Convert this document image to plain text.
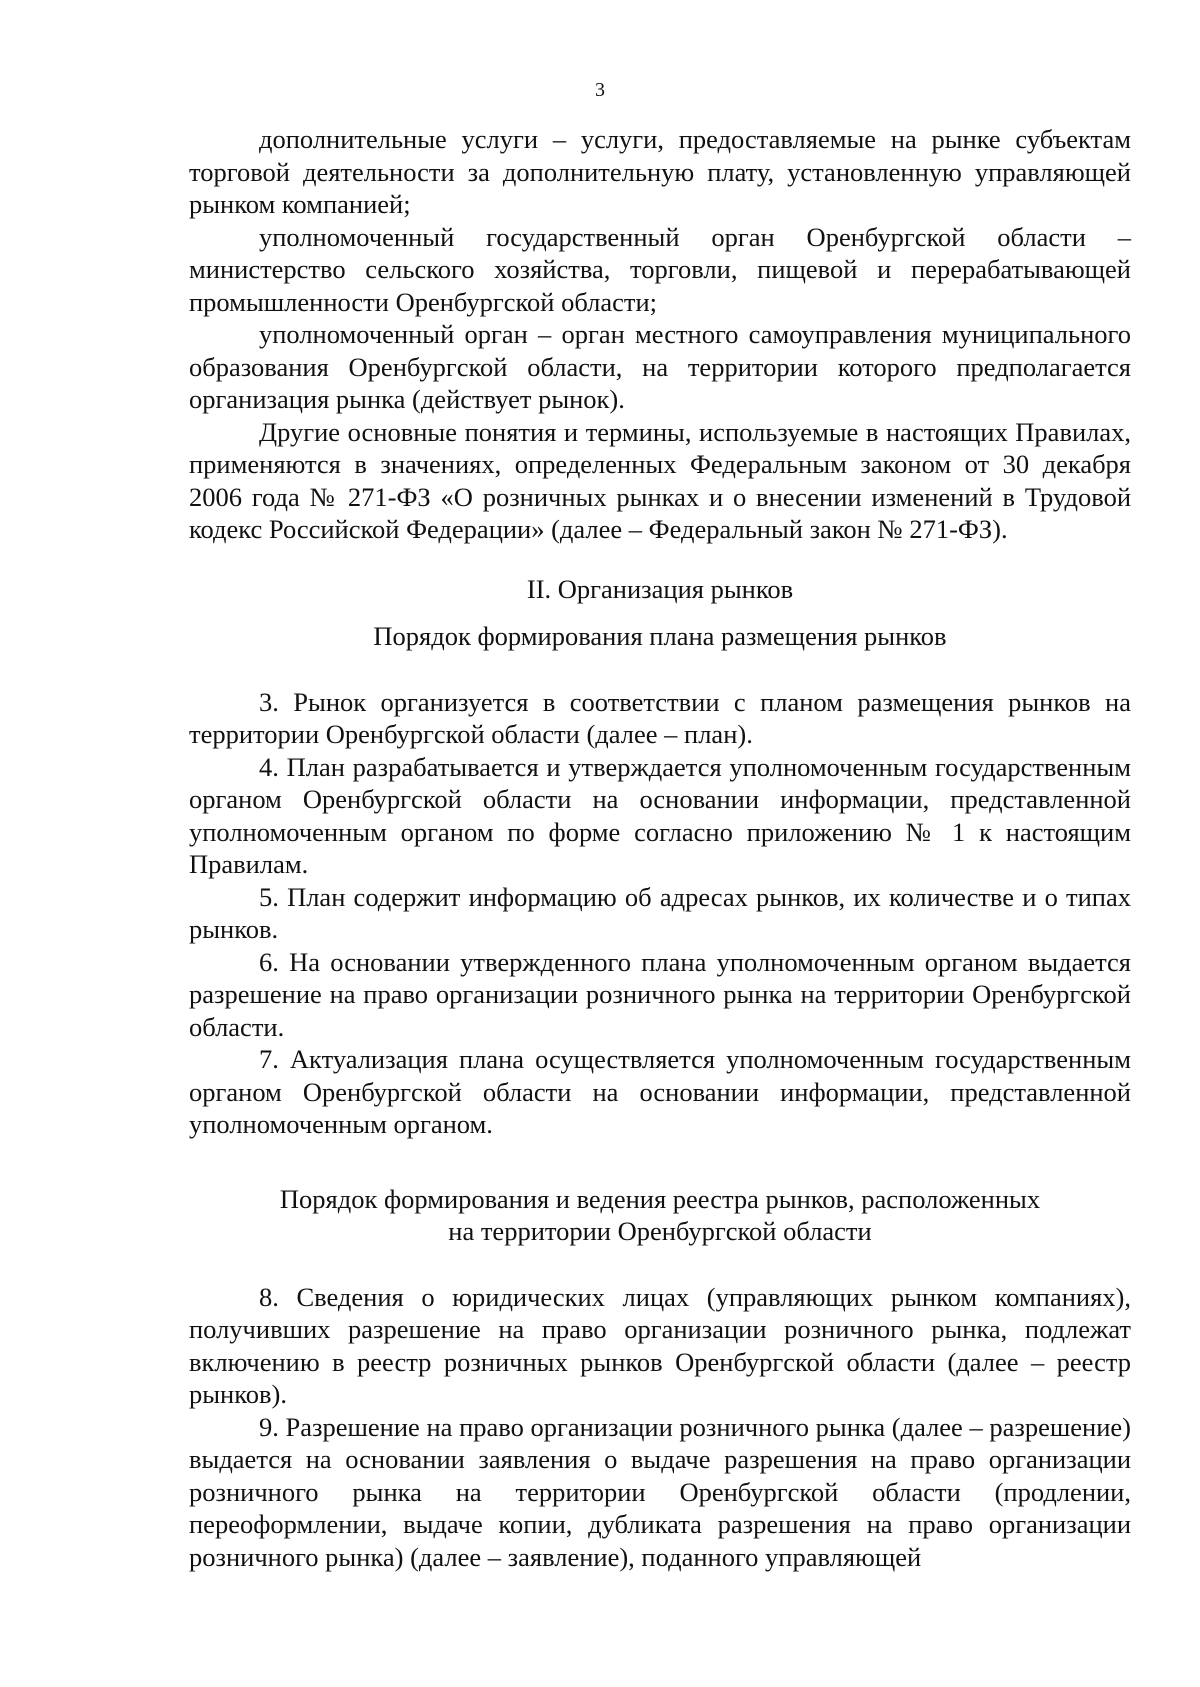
3

дополнительные услуги – услуги, предоставляемые на рынке субъектам торговой деятельности за дополнительную плату, установленную управляющей рынком компанией;

уполномоченный государственный орган Оренбургской области – министерство сельского хозяйства, торговли, пищевой и перерабатывающей промышленности Оренбургской области;

уполномоченный орган – орган местного самоуправления муниципального образования Оренбургской области, на территории которого предполагается организация рынка (действует рынок).

Другие основные понятия и термины, используемые в настоящих Правилах, применяются в значениях, определенных Федеральным законом от 30 декабря 2006 года № 271-ФЗ «О розничных рынках и о внесении изменений в Трудовой кодекс Российской Федерации» (далее – Федеральный закон № 271-ФЗ).

II. Организация рынков

Порядок формирования плана размещения рынков

3. Рынок организуется в соответствии с планом размещения рынков на территории Оренбургской области (далее – план).

4. План разрабатывается и утверждается уполномоченным государственным органом Оренбургской области на основании информации, представленной уполномоченным органом по форме согласно приложению № 1 к настоящим Правилам.

5. План содержит информацию об адресах рынков, их количестве и о типах рынков.

6. На основании утвержденного плана уполномоченным органом выдается разрешение на право организации розничного рынка на территории Оренбургской области.

7. Актуализация плана осуществляется уполномоченным государственным органом Оренбургской области на основании информации, представленной уполномоченным органом.

Порядок формирования и ведения реестра рынков, расположенных
на территории Оренбургской области

8. Сведения о юридических лицах (управляющих рынком компаниях), получивших разрешение на право организации розничного рынка, подлежат включению в реестр розничных рынков Оренбургской области (далее – реестр рынков).

9. Разрешение на право организации розничного рынка (далее – разрешение) выдается на основании заявления о выдаче разрешения на право организации розничного рынка на территории Оренбургской области (продлении, переоформлении, выдаче копии, дубликата разрешения на право организации розничного рынка) (далее – заявление), поданного управляющей
